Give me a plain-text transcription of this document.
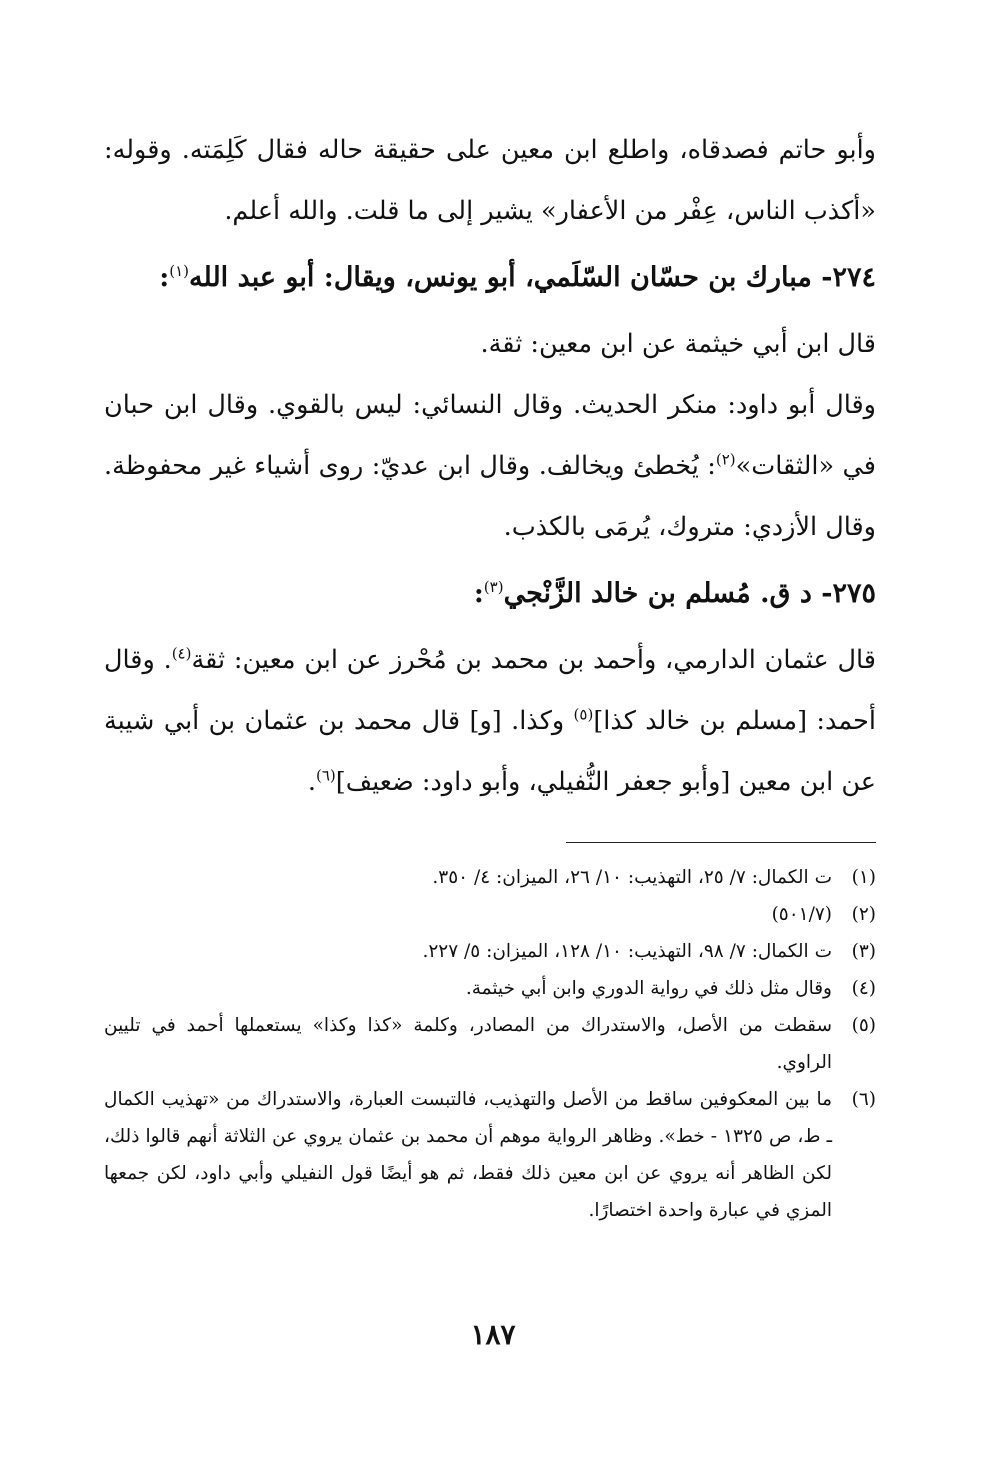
وأبو حاتم فصدقاه، واطلع ابن معين على حقيقة حاله فقال كَلِمَته. وقوله: «أكذب الناس، عِفْر من الأعفار» يشير إلى ما قلت. والله أعلم.

٢٧٤- مبارك بن حسّان السّلَمي، أبو يونس، ويقال: أبو عبد الله$^{(١)}$:

قال ابن أبي خيثمة عن ابن معين: ثقة.

وقال أبو داود: منكر الحديث. وقال النسائي: ليس بالقوي. وقال ابن حبان في «الثقات»$^{(٢)}$: يُخطئ ويخالف. وقال ابن عديّ: روى أشياء غير محفوظة. وقال الأزدي: متروك، يُرمَى بالكذب.

٢٧٥- د ق. مُسلم بن خالد الزَّنْجي$^{(٣)}$:

قال عثمان الدارمي، وأحمد بن محمد بن مُحْرز عن ابن معين: ثقة$^{(٤)}$. وقال أحمد: [مسلم بن خالد كذا]$^{(٥)}$ وكذا. [و] قال محمد بن عثمان بن أبي شيبة عن ابن معين [وأبو جعفر النُّفيلي، وأبو داود: ضعيف]$^{(٦)}$.

(١)
ت الكمال: ٧/ ٢٥، التهذيب: ١٠/ ٢٦، الميزان: ٤/ ٣٥٠.
(٢)
(٥٠١/٧)
(٣)
ت الكمال: ٧/ ٩٨، التهذيب: ١٠/ ١٢٨، الميزان: ٥/ ٢٢٧.
(٤)
وقال مثل ذلك في رواية الدوري وابن أبي خيثمة.
(٥)
سقطت من الأصل، والاستدراك من المصادر، وكلمة «كذا وكذا» يستعملها أحمد في تليين الراوي.
(٦)
ما بين المعكوفين ساقط من الأصل والتهذيب، فالتبست العبارة، والاستدراك من «تهذيب الكمال ـ ط، ص ١٣٢٥ - خط». وظاهر الرواية موهم أن محمد بن عثمان يروي عن الثلاثة أنهم قالوا ذلك، لكن الظاهر أنه يروي عن ابن معين ذلك فقط، ثم هو أيضًا قول النفيلي وأبي داود، لكن جمعها المزي في عبارة واحدة اختصارًا.
١٨٧
